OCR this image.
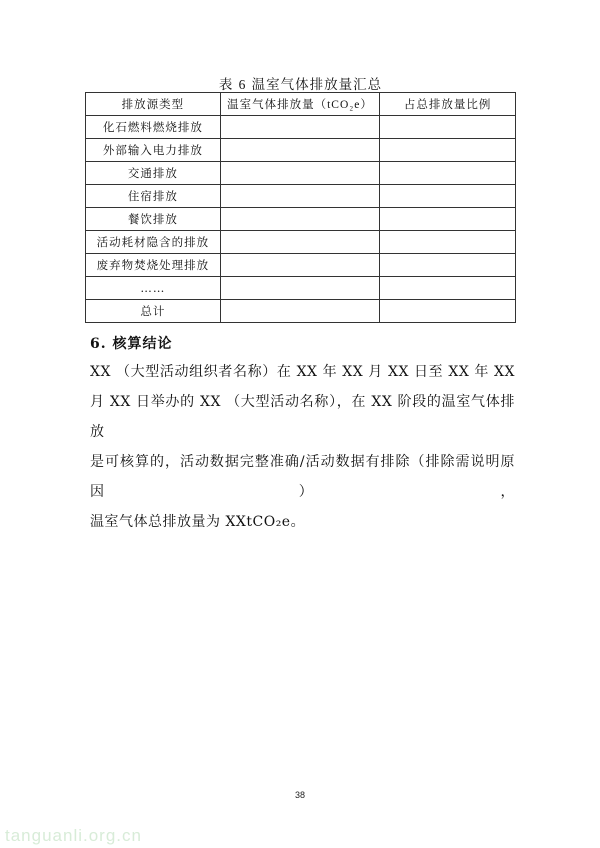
表 6 温室气体排放量汇总
排放源类型	温室气体排放量（tCO₂e）	占总排放量比例
化石燃料燃烧排放		
外部输入电力排放		
交通排放		
住宿排放		
餐饮排放		
活动耗材隐含的排放		
废弃物焚烧处理排放		
……		
总计		
6. 核算结论

XX （大型活动组织者名称）在 XX 年 XX 月 XX 日至 XX 年 XX

月 XX 日举办的 XX （大型活动名称），在 XX 阶段的温室气体排放

是可核算的，活动数据完整准确/活动数据有排除（排除需说明原因），

温室气体总排放量为 XXtCO₂e。

38
tanguanli.org.cn
